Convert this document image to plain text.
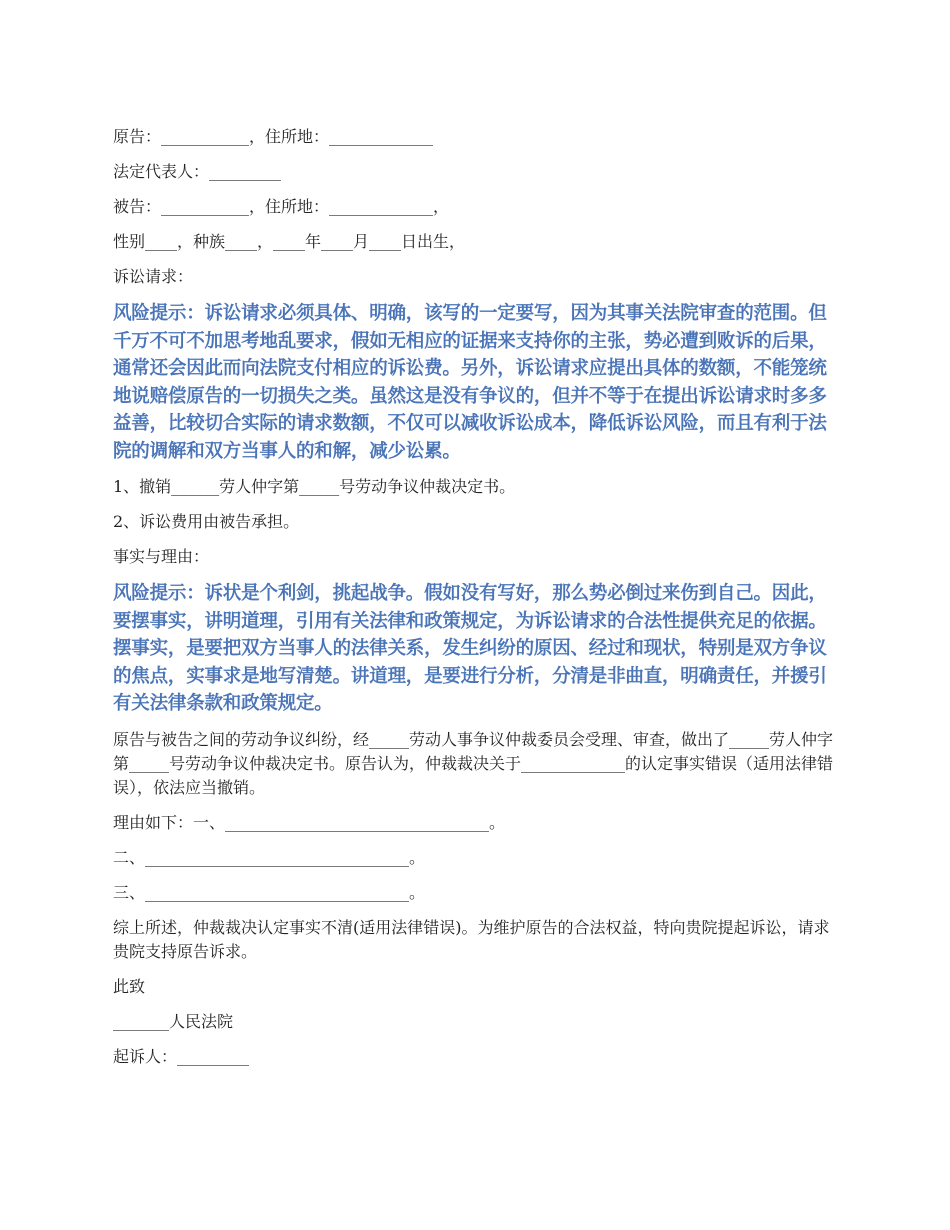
原告：___________，住所地：_____________
法定代表人：_________
被告：___________，住所地：_____________，
性别____，种族____，____年____月____日出生，
诉讼请求：
风险提示：诉讼请求必须具体、明确，该写的一定要写，因为其事关法院审查的范围。但千万不可不加思考地乱要求，假如无相应的证据来支持你的主张，势必遭到败诉的后果，通常还会因此而向法院支付相应的诉讼费。另外，诉讼请求应提出具体的数额，不能笼统地说赔偿原告的一切损失之类。虽然这是没有争议的，但并不等于在提出诉讼请求时多多益善，比较切合实际的请求数额，不仅可以减收诉讼成本，降低诉讼风险，而且有利于法院的调解和双方当事人的和解，减少讼累。
1、撤销______劳人仲字第_____号劳动争议仲裁决定书。
2、诉讼费用由被告承担。
事实与理由：
风险提示：诉状是个利剑，挑起战争。假如没有写好，那么势必倒过来伤到自己。因此，要摆事实，讲明道理，引用有关法律和政策规定，为诉讼请求的合法性提供充足的依据。摆事实，是要把双方当事人的法律关系，发生纠纷的原因、经过和现状，特别是双方争议的焦点，实事求是地写清楚。讲道理，是要进行分析，分清是非曲直，明确责任，并援引有关法律条款和政策规定。
原告与被告之间的劳动争议纠纷，经_____劳动人事争议仲裁委员会受理、审查，做出了_____劳人仲字第_____号劳动争议仲裁决定书。原告认为，仲裁裁决关于_____________的认定事实错误（适用法律错误），依法应当撤销。
理由如下：一、_________________________________。
二、_________________________________。
三、_________________________________。
综上所述，仲裁裁决认定事实不清(适用法律错误)。为维护原告的合法权益，特向贵院提起诉讼，请求贵院支持原告诉求。
此致
_______人民法院
起诉人：_________
